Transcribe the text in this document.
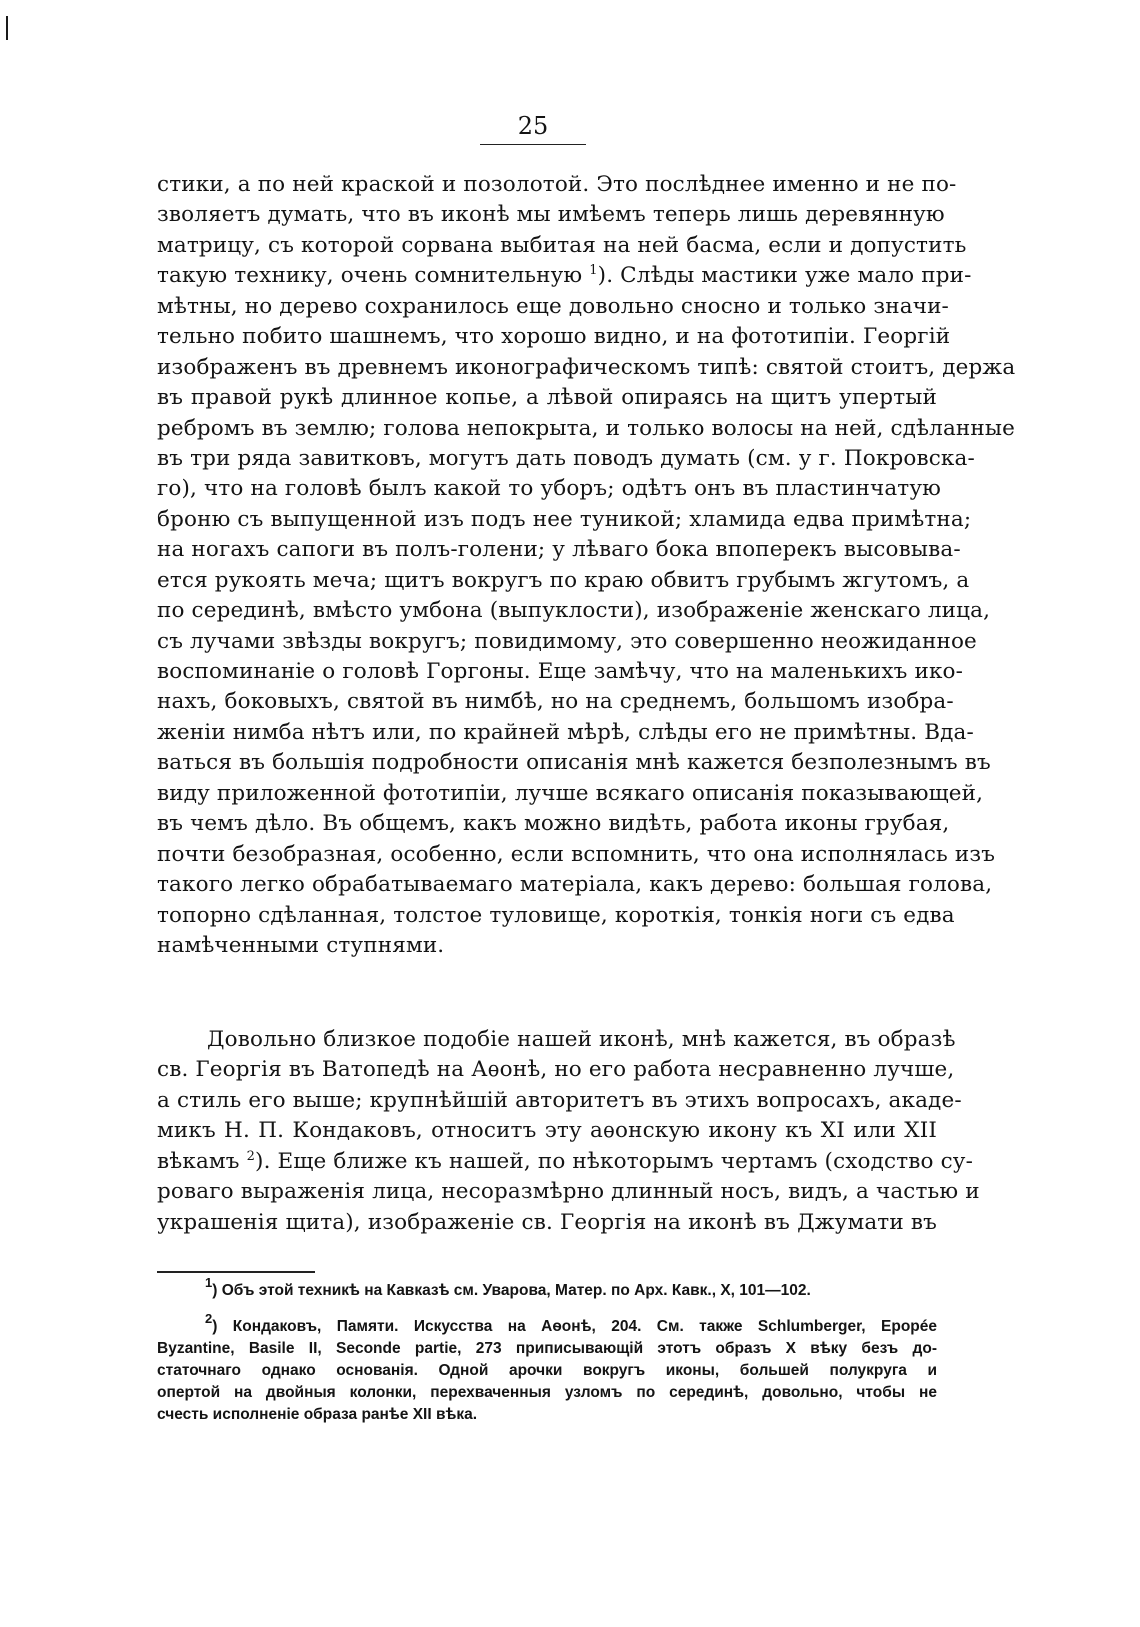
25
стики, а по ней краской и позолотой. Это послѣднее именно и не по-
зволяетъ думать, что въ иконѣ мы имѣемъ теперь лишь деревянную
матрицу, съ которой сорвана выбитая на ней басма, если и допустить
такую технику, очень сомнительную $^1$). Слѣды мастики уже мало при-
мѣтны, но дерево сохранилось еще довольно сносно и только значи-
тельно побито шашнемъ, что хорошо видно, и на фототипіи. Георгій
изображенъ въ древнемъ иконографическомъ типѣ: святой стоитъ, держа
въ правой рукѣ длинное копье, а лѣвой опираясь на щитъ упертый
ребромъ въ землю; голова непокрыта, и только волосы на ней, сдѣланные
въ три ряда завитковъ, могутъ дать поводъ думать (см. у г. Покровска-
го), что на головѣ былъ какой то уборъ; одѣтъ онъ въ пластинчатую
броню съ выпущенной изъ подъ нее туникой; хламида едва примѣтна;
на ногахъ сапоги въ полъ-голени; у лѣваго бока впоперекъ высовыва-
ется рукоять меча; щитъ вокругъ по краю обвитъ грубымъ жгутомъ, а
по серединѣ, вмѣсто умбона (выпуклости), изображеніе женскаго лица,
съ лучами звѣзды вокругъ; повидимому, это совершенно неожиданное
воспоминаніе о головѣ Горгоны. Еще замѣчу, что на маленькихъ ико-
нахъ, боковыхъ, святой въ нимбѣ, но на среднемъ, большомъ изобра-
женіи нимба нѣтъ или, по крайней мѣрѣ, слѣды его не примѣтны. Вда-
ваться въ большія подробности описанія мнѣ кажется безполезнымъ въ
виду приложенной фототипіи, лучше всякаго описанія показывающей,
въ чемъ дѣло. Въ общемъ, какъ можно видѣть, работа иконы грубая,
почти безобразная, особенно, если вспомнить, что она исполнялась изъ
такого легко обрабатываемаго матеріала, какъ дерево: большая голова,
топорно сдѣланная, толстое туловище, короткія, тонкія ноги съ едва
намѣченными ступнями.
Довольно близкое подобіе нашей иконѣ, мнѣ кажется, въ образѣ
св. Георгія въ Ватопедѣ на Аѳонѣ, но его работа несравненно лучше,
а стиль его выше; крупнѣйшій авторитетъ въ этихъ вопросахъ, акаде-
микъ Н. П. Кондаковъ, относитъ эту аѳонскую икону къ XI или XII
вѣкамъ $^2$). Еще ближе къ нашей, по нѣкоторымъ чертамъ (сходство су-
роваго выраженія лица, несоразмѣрно длинный носъ, видъ, а частью и
украшенія щита), изображеніе св. Георгія на иконѣ въ Джумати въ
$^1$) Объ этой техникѣ на Кавказѣ см. Уварова, Матер. по Арх. Кавк., X, 101—102.
$^2$) Кондаковъ, Памяти. Искусства на Аѳонѣ, 204. См. также Schlumberger, Epopée
Byzantine, Basile II, Seconde partie, 273 приписывающій этотъ образъ X вѣку безъ до-
статочнаго однако основанія. Одной арочки вокругъ иконы, большей полукруга и
опертой на двойныя колонки, перехваченныя узломъ по серединѣ, довольно, чтобы не
счесть исполненіе образа ранѣе XII вѣка.
